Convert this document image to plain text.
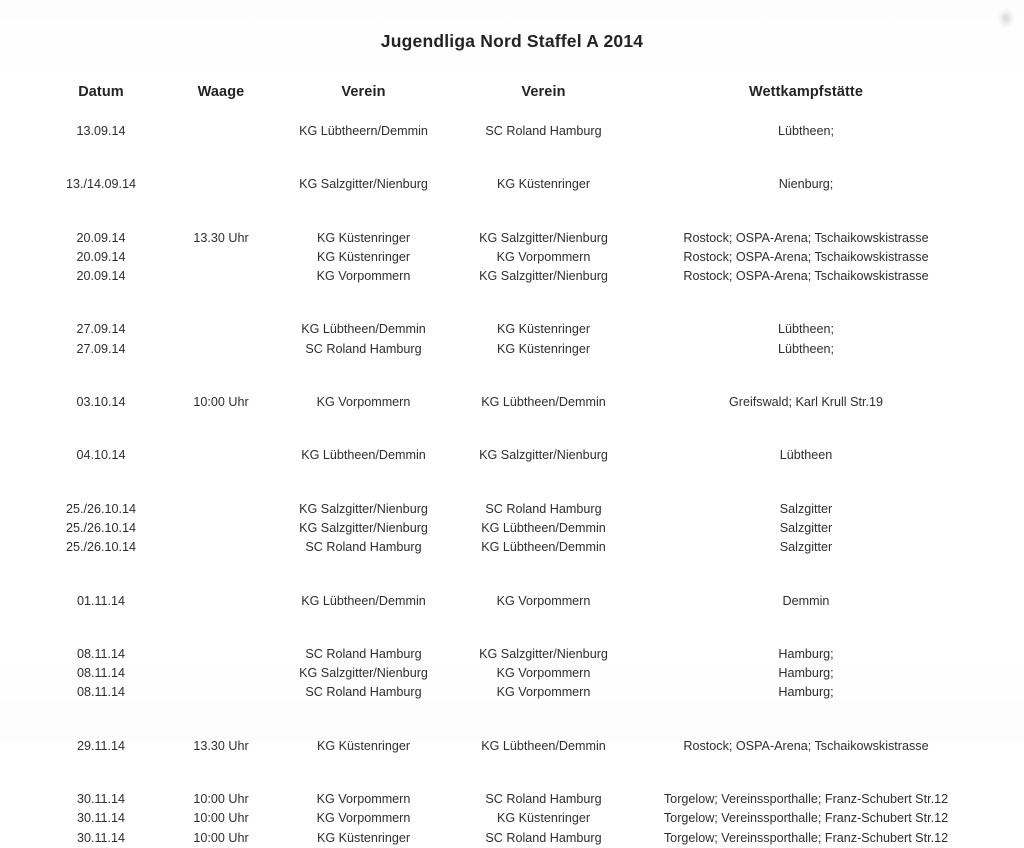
Jugendliga Nord Staffel A 2014
Datum	Waage	Verein	Verein	Wettkampfstätte
13.09.14		KG Lübtheern/Demmin	SC Roland Hamburg	Lübtheen;

13./14.09.14		KG Salzgitter/Nienburg	KG Küstenringer	Nienburg;

20.09.14	13.30 Uhr	KG Küstenringer	KG Salzgitter/Nienburg	Rostock; OSPA-Arena; Tschaikowskistrasse
20.09.14		KG Küstenringer	KG Vorpommern	Rostock; OSPA-Arena; Tschaikowskistrasse
20.09.14		KG Vorpommern	KG Salzgitter/Nienburg	Rostock; OSPA-Arena; Tschaikowskistrasse

27.09.14		KG Lübtheen/Demmin	KG Küstenringer	Lübtheen;
27.09.14		SC Roland Hamburg	KG Küstenringer	Lübtheen;

03.10.14	10:00 Uhr	KG Vorpommern	KG Lübtheen/Demmin	Greifswald; Karl Krull Str.19

04.10.14		KG Lübtheen/Demmin	KG Salzgitter/Nienburg	Lübtheen

25./26.10.14		KG Salzgitter/Nienburg	SC Roland Hamburg	Salzgitter
25./26.10.14		KG Salzgitter/Nienburg	KG Lübtheen/Demmin	Salzgitter
25./26.10.14		SC Roland Hamburg	KG Lübtheen/Demmin	Salzgitter

01.11.14		KG Lübtheen/Demmin	KG Vorpommern	Demmin

08.11.14		SC Roland Hamburg	KG Salzgitter/Nienburg	Hamburg;
08.11.14		KG Salzgitter/Nienburg	KG Vorpommern	Hamburg;
08.11.14		SC Roland Hamburg	KG Vorpommern	Hamburg;

29.11.14	13.30 Uhr	KG Küstenringer	KG Lübtheen/Demmin	Rostock; OSPA-Arena; Tschaikowskistrasse

30.11.14	10:00 Uhr	KG Vorpommern	SC Roland Hamburg	Torgelow; Vereinssporthalle; Franz-Schubert Str.12
30.11.14	10:00 Uhr	KG Vorpommern	KG Küstenringer	Torgelow; Vereinssporthalle; Franz-Schubert Str.12
30.11.14	10:00 Uhr	KG Küstenringer	SC Roland Hamburg	Torgelow; Vereinssporthalle; Franz-Schubert Str.12
